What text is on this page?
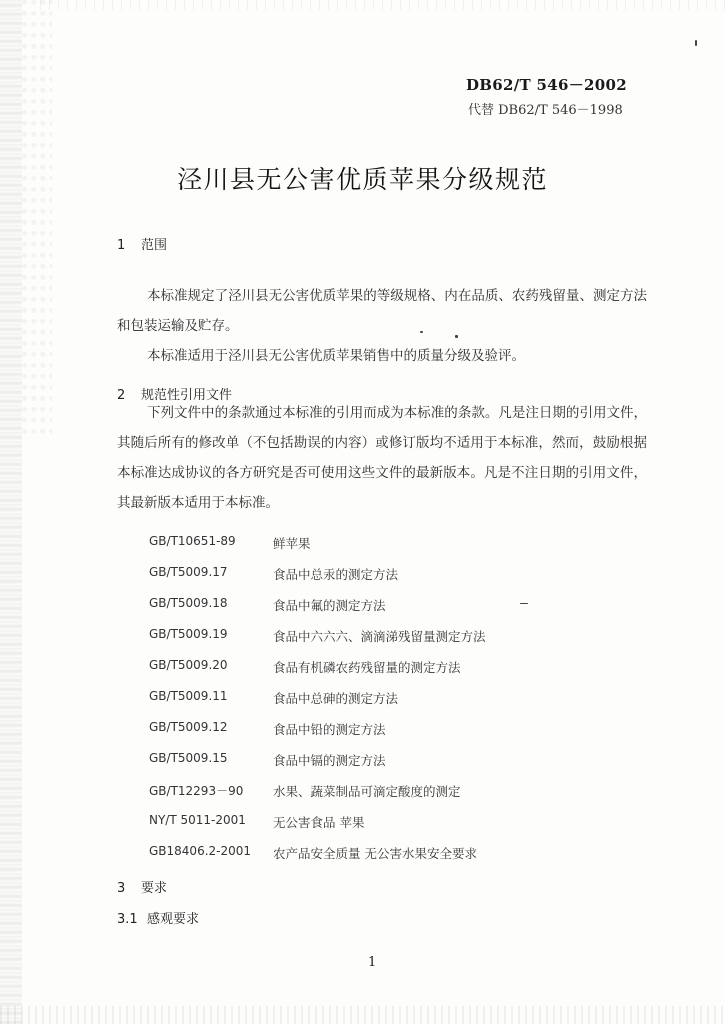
DB62/T 546－2002
代替 DB62/T 546－1998
泾川县无公害优质苹果分级规范
1 范围
本标准规定了泾川县无公害优质苹果的等级规格、内在品质、农药残留量、测定方法和包装运输及贮存。
本标准适用于泾川县无公害优质苹果销售中的质量分级及验评。
2 规范性引用文件
下列文件中的条款通过本标准的引用而成为本标准的条款。凡是注日期的引用文件，其随后所有的修改单（不包括勘误的内容）或修订版均不适用于本标准，然而，鼓励根据本标准达成协议的各方研究是否可使用这些文件的最新版本。凡是不注日期的引用文件，其最新版本适用于本标准。
GB/T10651-89	鲜苹果
GB/T5009.17	食品中总汞的测定方法
GB/T5009.18	食品中氟的测定方法
GB/T5009.19	食品中六六六、滴滴涕残留量测定方法
GB/T5009.20	食品有机磷农药残留量的测定方法
GB/T5009.11	食品中总砷的测定方法
GB/T5009.12	食品中铅的测定方法
GB/T5009.15	食品中镉的测定方法
GB/T12293－90 水果、蔬菜制品可滴定酸度的测定
NY/T 5011-2001 无公害食品 苹果
GB18406.2-2001 农产品安全质量 无公害水果安全要求
3 要求
3.1 感观要求
1
